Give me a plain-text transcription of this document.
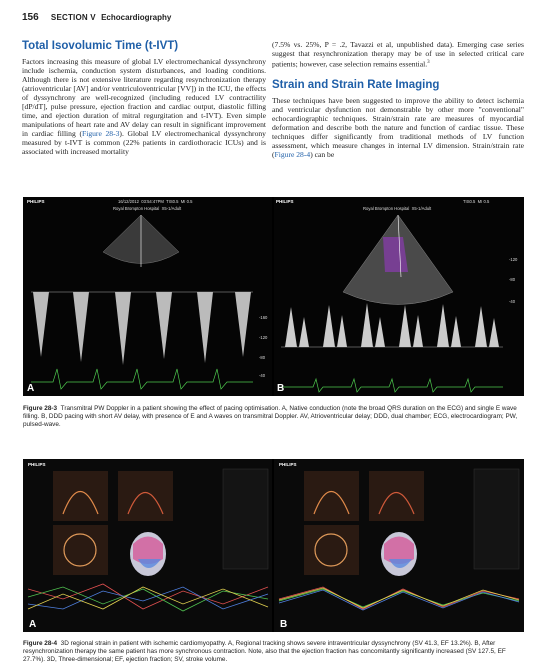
156 SECTION V Echocardiography
Total Isovolumic Time (t-IVT)

Factors increasing this measure of global LV electromechanical dyssynchrony include ischemia, conduction system disturbances, and loading conditions. Although there is not extensive literature regarding resynchronization therapy (atrioventricular [AV] and/or ventriculoventricular [VV]) in the ICU, the effects of dyssynchrony are well-recognized (including reduced LV contractility [dP/dT], pulse pressure, ejection fraction and cardiac output, diastolic filling time, and ejection duration of mitral regurgitation and t-IVT). Even simple manipulations of heart rate and AV delay can result in significant improvement in cardiac filling (Figure 28-3). Global LV electromechanical dyssynchrony measured by t-IVT is common (22% patients in cardiothoracic ICUs) and is associated with increased mortality

(7.5% vs. 25%, P = .2, Tavazzi et al, unpublished data). Emerging case series suggest that resynchronization therapy may be of use in selected critical care patients; however, case selection remains essential.$^3$

Strain and Strain Rate Imaging

These techniques have been suggested to improve the ability to detect ischemia and ventricular dysfunction not demonstrable by other more "conventional" echocardiographic techniques. Strain/strain rate are measures of myocardial deformation and describe both the nature and function of cardiac tissue. These techniques differ significantly from traditional methods of LV function assessment, which measure changes in internal LV dimension. Strain/strain rate (Figure 28-4) can be

PHILIPS	PHILIPS
16/12/2012  03:54:47PM  TIS0.5  MI 0.5
Royal Brompton Hospital  X5-1/Adult
TIS0.5  MI 0.5
Royal Brompton Hospital  X5-1/Adult
-160
-120
-80
-40
-120
-80
-40
A	B
Figure 28-3 Transmitral PW Doppler in a patient showing the effect of pacing optimisation. A, Native conduction (note the broad QRS duration on the ECG) and single E wave filling. B, DDD pacing with short AV delay, with presence of E and A waves on transmitral Doppler. AV, Atrioventricular delay; DDD, dual chamber; ECG, electrocardiogram; PW, pulsed-wave.
PHILIPS	PHILIPS
A	B
Figure 28-4 3D regional strain in patient with ischemic cardiomyopathy. A, Regional tracking shows severe intraventricular dyssynchrony (SV 41.3, EF 13.2%). B, After resynchronization therapy the same patient has more synchronous contraction. Note, also that the ejection fraction has concomitantly significantly increased (SV 127.5, EF 27.7%). 3D, Three-dimensional; EF, ejection fraction; SV, stroke volume.
